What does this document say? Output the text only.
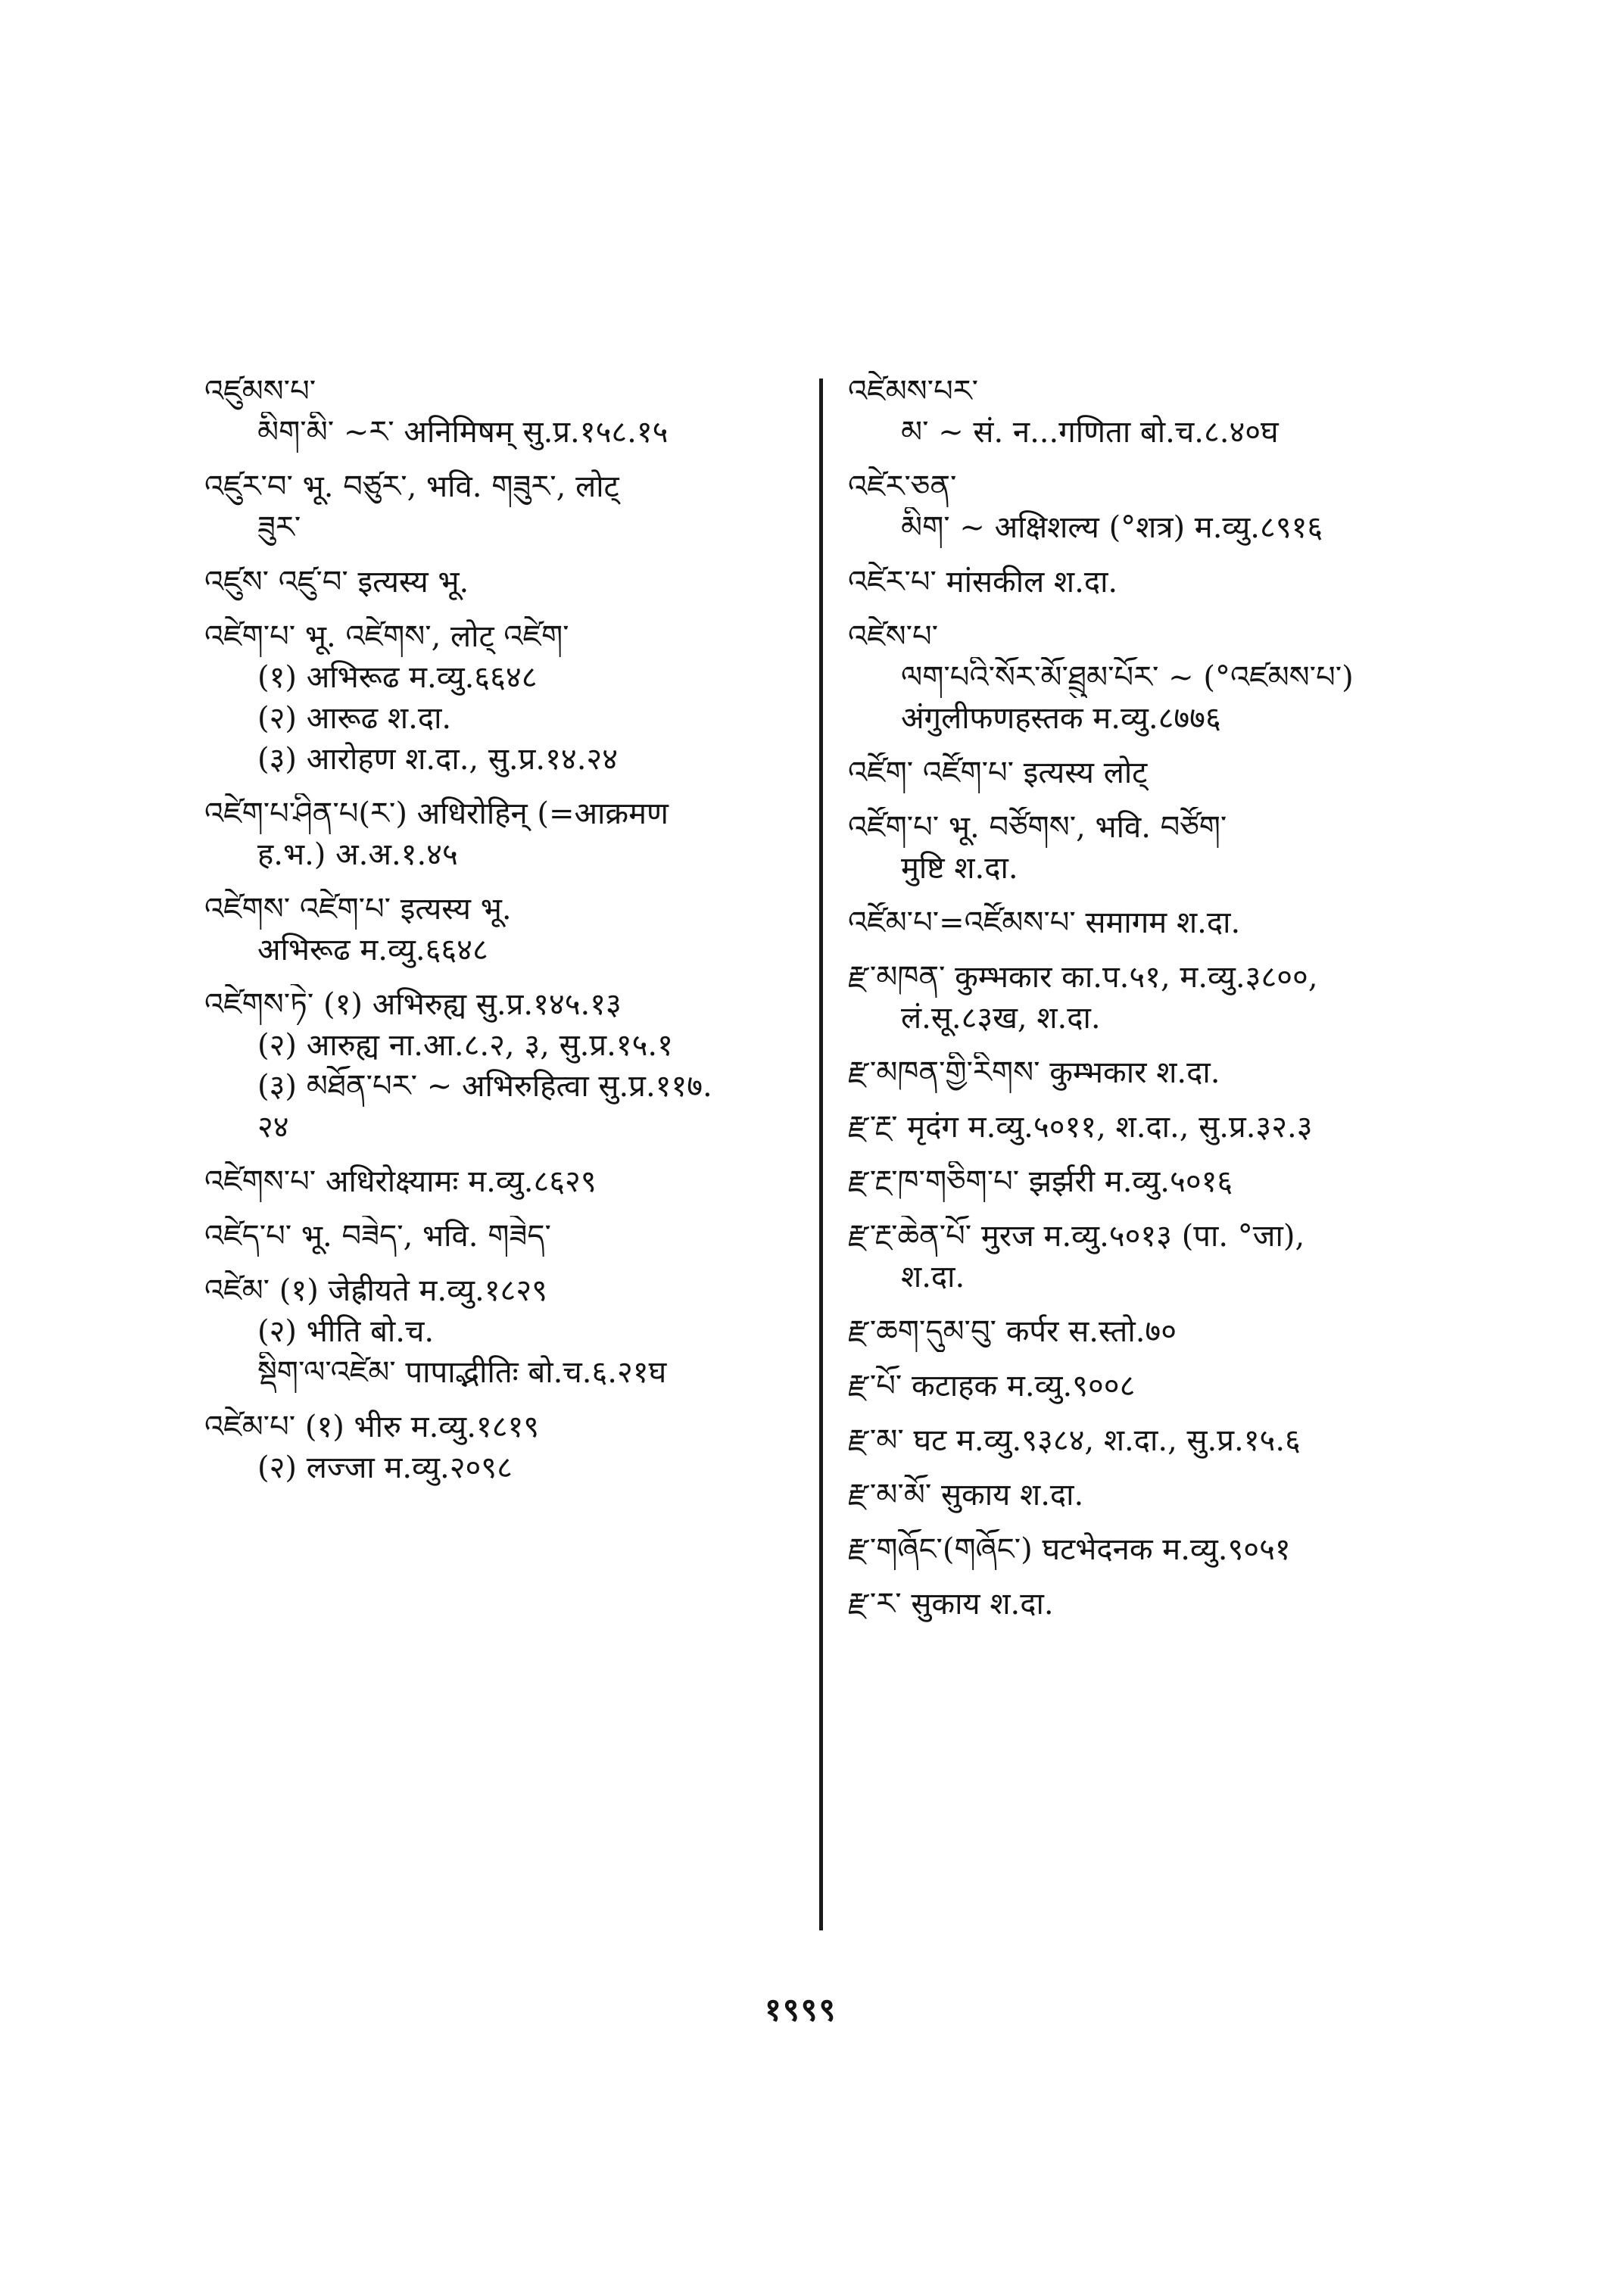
འཛུམས་པ་
མིག་མི་ ~ར་ अनिमिषम् सु.प्र.१५८.१५
འཛུར་བ་ भू. བཙུར་, भवि. གཟུར་, लोट्
ཟུར་
འཛུས་ འཛུ་བ་ इत्यस्य भू.
འཛེག་པ་ भू. འཛེགས་, लोट् འཛེག་
(१) अभिरूढ म.व्यु.६६४८
(२) आरूढ श.दा.
(३) आरोहण श.दा., सु.प्र.१४.२४
འཛེག་པ་ཤིན་པ(ར་) अधिरोहिन् (=आक्रमण
ह.भ.) अ.अ.१.४५
འཛེགས་ འཛེག་པ་ इत्यस्य भू.
अभिरूढ म.व्यु.६६४८
འཛེགས་ཏེ་ (१) अभिरुह्य सु.प्र.१४५.१३
(२) आरुह्य ना.आ.८.२, ३, सु.प्र.१५.१
(३) མཐོན་པར་ ~ अभिरुहित्वा सु.प्र.११७.
२४
འཛེགས་པ་ अधिरोक्ष्यामः म.व्यु.८६२९
འཛེད་པ་ भू. བཟེད་, भवि. གཟེད་
འཛེམ་ (१) जेह्रीयते म.व्यु.१८२९
(२) भीति बो.च.
སྡིག་ལ་འཛེམ་ पापाद्भीतिः बो.च.६.२१घ
འཛེམ་པ་ (१) भीरु म.व्यु.१८१९
(२) लज्जा म.व्यु.२०९८
འཛེམས་པར་
མ་ ~ सं. न...गणिता बो.च.८.४०घ
འཛེར་ཅན་
མིག་ ~ अक्षिशल्य (°शत्र) म.व्यु.८९१६
འཛེར་པ་ मांसकील श.दा.
འཛེས་པ་
ལག་པའི་སོར་མོ་ཐྲུམ་པོར་ ~ (°འཛམས་པ་)
अंगुलीफणहस्तक म.व्यु.८७७६
འཛོག་ འཛོག་པ་ इत्यस्य लोट्
འཛོག་པ་ भू. བཙོགས་, भवि. བཙོག་
मुष्टि श.दा.
འཛོམ་པ་=འཛོམས་པ་ समागम श.दा.
རྫ་མཁན་ कुम्भकार का.प.५१, म.व्यु.३८००,
लं.सू.८३ख, श.दा.
རྫ་མཁན་གྱི་རིགས་ कुम्भकार श.दा.
རྫ་རྔ་ मृदंग म.व्यु.५०११, श.दा., सु.प्र.३२.३
རྫ་རྔ་ཁ་གཅིག་པ་ झर्झरी म.व्यु.५०१६
རྫ་རྔ་ཆེན་པོ་ मुरज म.व्यु.५०१३ (पा. °जा),
श.दा.
རྫ་ཆག་དུམ་བུ་ कर्पर स.स्तो.७०
རྫ་པོ་ कटाहक म.व्यु.९००८
རྫ་མ་ घट म.व्यु.९३८४, श.दा., सु.प्र.१५.६
རྫ་མ་མོ་ सुकाय श.दा.
རྫ་གཞོང་(གཞོང་) घटभेदनक म.व्यु.९०५१
རྫ་ར་ सुकाय श.दा.
१९९९
